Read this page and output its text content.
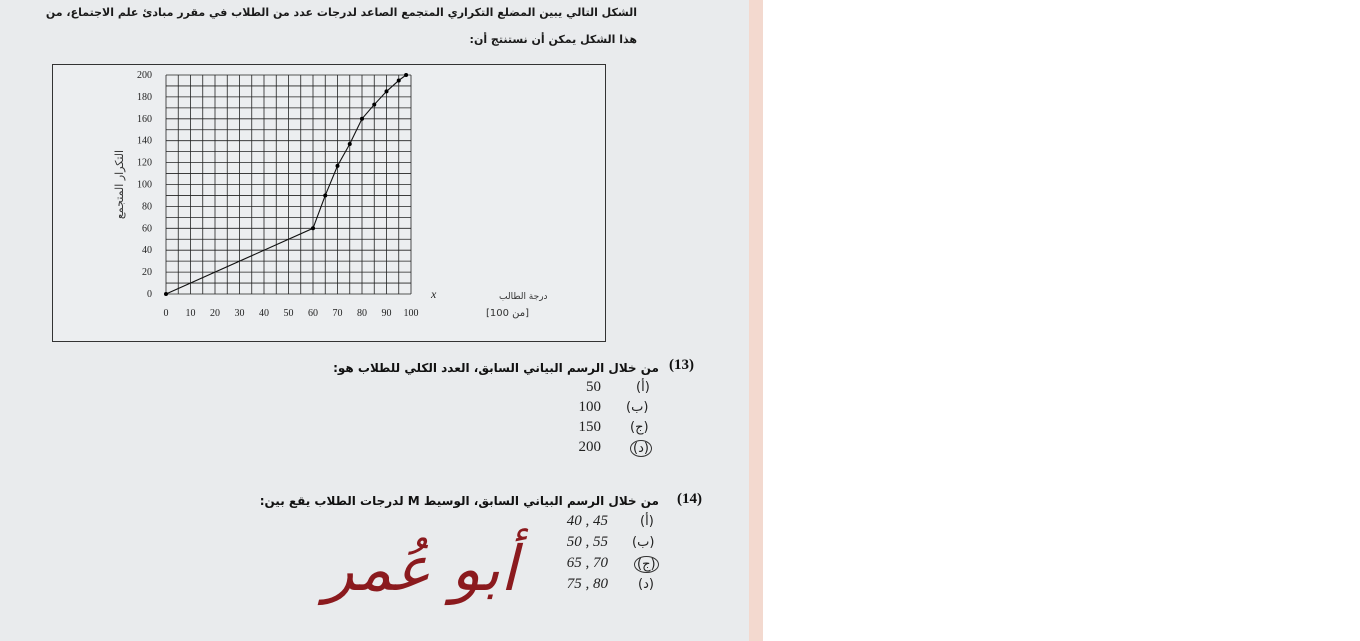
الشكل التالي يبين المضلع التكراري المتجمع الصاعد لدرجات عدد من الطلاب في مقرر مبادئ علم الاجتماع، من
هذا الشكل يمكن أن نستنتج أن:
0 10 20 30 40 50 60 70 80 90 100
0
20
40
60
80
100
120
140
160
180
200
التكرار المتجمع
x	درجة الطالب
[من 100]
(13)
من خلال الرسم البياني السابق، العدد الكلي للطلاب هو:
50	(أ)
100 (ب)
150 (ج)
200 (د)
(14)
من خلال الرسم البياني السابق، الوسيط M لدرجات الطلاب يقع بين:
40 , 45 (أ)
50 , 55 (ب)
65 , 70 (ج)
75 , 80 (د)
أبو عُمر
